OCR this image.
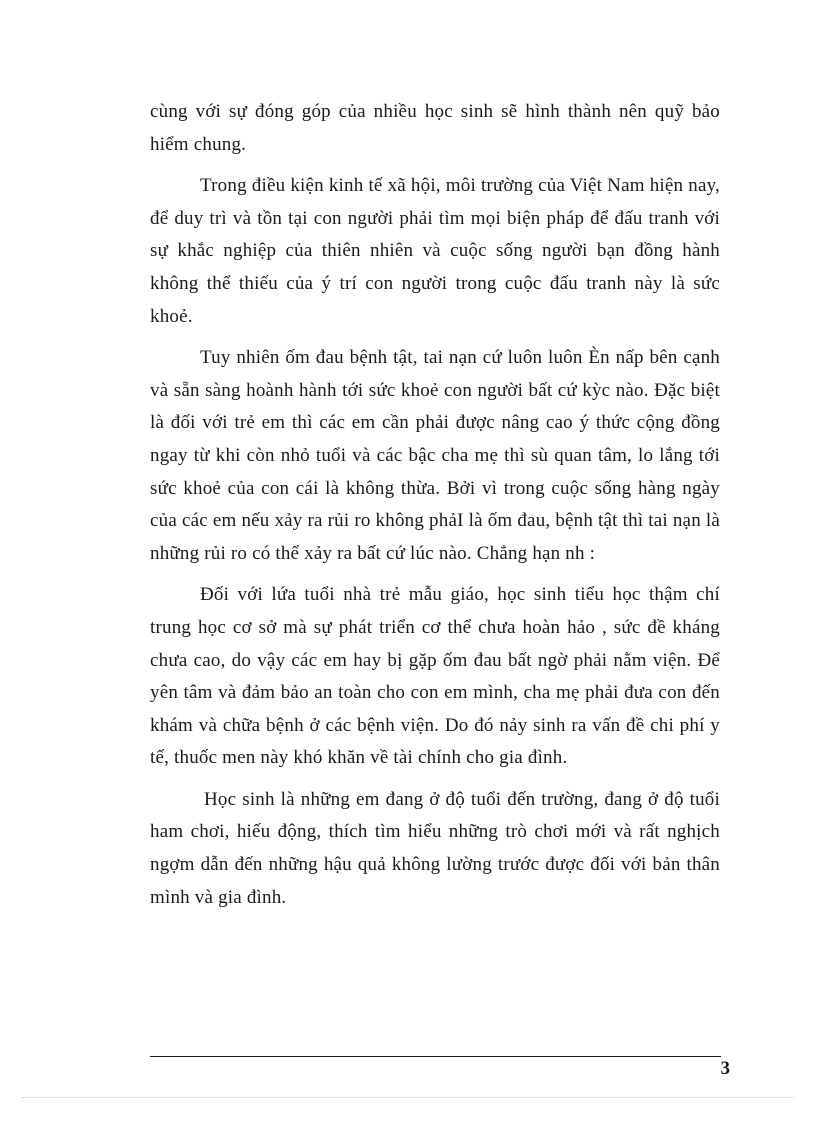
cùng với sự đóng góp của nhiều học sinh sẽ hình thành nên quỹ bảo hiểm chung.

Trong điều kiện kinh tế xã hội, môi trường của Việt Nam hiện nay, để duy trì và tồn tại con người phải tìm mọi biện pháp để đấu tranh với sự khắc nghiệp của thiên nhiên và cuộc sống người bạn đồng hành không thể thiếu của ý trí con người trong cuộc đấu tranh này là sức khoẻ.

Tuy nhiên ốm đau bệnh tật, tai nạn cứ luôn luôn Èn nấp bên cạnh và sẵn sàng hoành hành tới sức khoẻ con người bất cứ kỳc nào. Đặc biệt là đối với trẻ em thì các em cần phải được nâng cao ý thức cộng đồng ngay từ khi còn nhỏ tuổi và các bậc cha mẹ thì sù quan tâm, lo lắng tới sức khoẻ của con cái là không thừa. Bởi vì trong cuộc sống hàng ngày của các em nếu xảy ra rủi ro không phảI là ốm đau, bệnh tật thì tai nạn là những rủi ro có thể xảy ra bất cứ lúc nào. Chẳng hạn nh :

Đối với lứa tuổi nhà trẻ mẫu giáo, học sinh tiểu học thậm chí trung học cơ sở mà sự phát triển cơ thể chưa hoàn hảo , sức đề kháng chưa cao, do vậy các em hay bị gặp ốm đau bất ngờ phải nằm viện. Để yên tâm và đảm bảo an toàn cho con em mình, cha mẹ phải đưa con đến khám và chữa bệnh ở các bệnh viện. Do đó nảy sinh ra vấn đề chi phí y tế, thuốc men này khó khăn về tài chính cho gia đình.

Học sinh là những em đang ở độ tuổi đến trường, đang ở độ tuổi ham chơi, hiếu động, thích tìm hiểu những trò chơi mới và rất nghịch ngợm dẫn đến những hậu quả không lường trước được đối với bản thân mình và gia đình.

3
